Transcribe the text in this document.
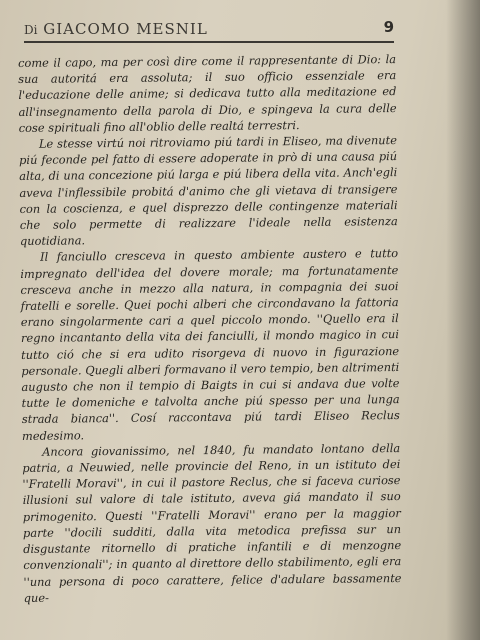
Di GIACOMO MESNIL	9

come il capo, ma per così dire come il rappresentante di Dio: la sua autoritá era assoluta; il suo officio essenziale era l'educazione delle anime; si dedicava tutto alla meditazione ed all'insegnamento della parola di Dio, e spingeva la cura delle cose spirituali fino all'oblio delle realtá terrestri.

Le stesse virtú noi ritroviamo piú tardi in Eliseo, ma divenute piú feconde pel fatto di essere adoperate in prò di una causa piú alta, di una concezione piú larga e piú libera della vita. Anch'egli aveva l'inflessibile probitá d'animo che gli vietava di transigere con la coscienza, e quel disprezzo delle contingenze materiali che solo permette di realizzare l'ideale nella esistenza quotidiana.

Il fanciullo cresceva in questo ambiente austero e tutto impregnato dell'idea del dovere morale; ma fortunatamente cresceva anche in mezzo alla natura, in compagnia dei suoi fratelli e sorelle. Quei pochi alberi che circondavano la fattoria erano singolarmente cari a quel piccolo mondo. ''Quello era il regno incantanto della vita dei fanciulli, il mondo magico in cui tutto ció che si era udito risorgeva di nuovo in figurazione personale. Quegli alberi formavano il vero tempio, ben altrimenti augusto che non il tempio di Baigts in cui si andava due volte tutte le domeniche e talvolta anche piú spesso per una lunga strada bianca''. Cosí raccontava piú tardi Eliseo Reclus medesimo.

Ancora giovanissimo, nel 1840, fu mandato lontano della patria, a Neuwied, nelle provincie del Reno, in un istituto dei ''Fratelli Moravi'', in cui il pastore Reclus, che si faceva curiose illusioni sul valore di tale istituto, aveva giá mandato il suo primogenito. Questi ''Fratelli Moravi'' erano per la maggior parte ''docili sudditi, dalla vita metodica prefissa sur un disgustante ritornello di pratiche infantili e di menzogne convenzionali''; in quanto al direttore dello stabilimento, egli era ''una persona di poco carattere, felice d'adulare bassamente que-
